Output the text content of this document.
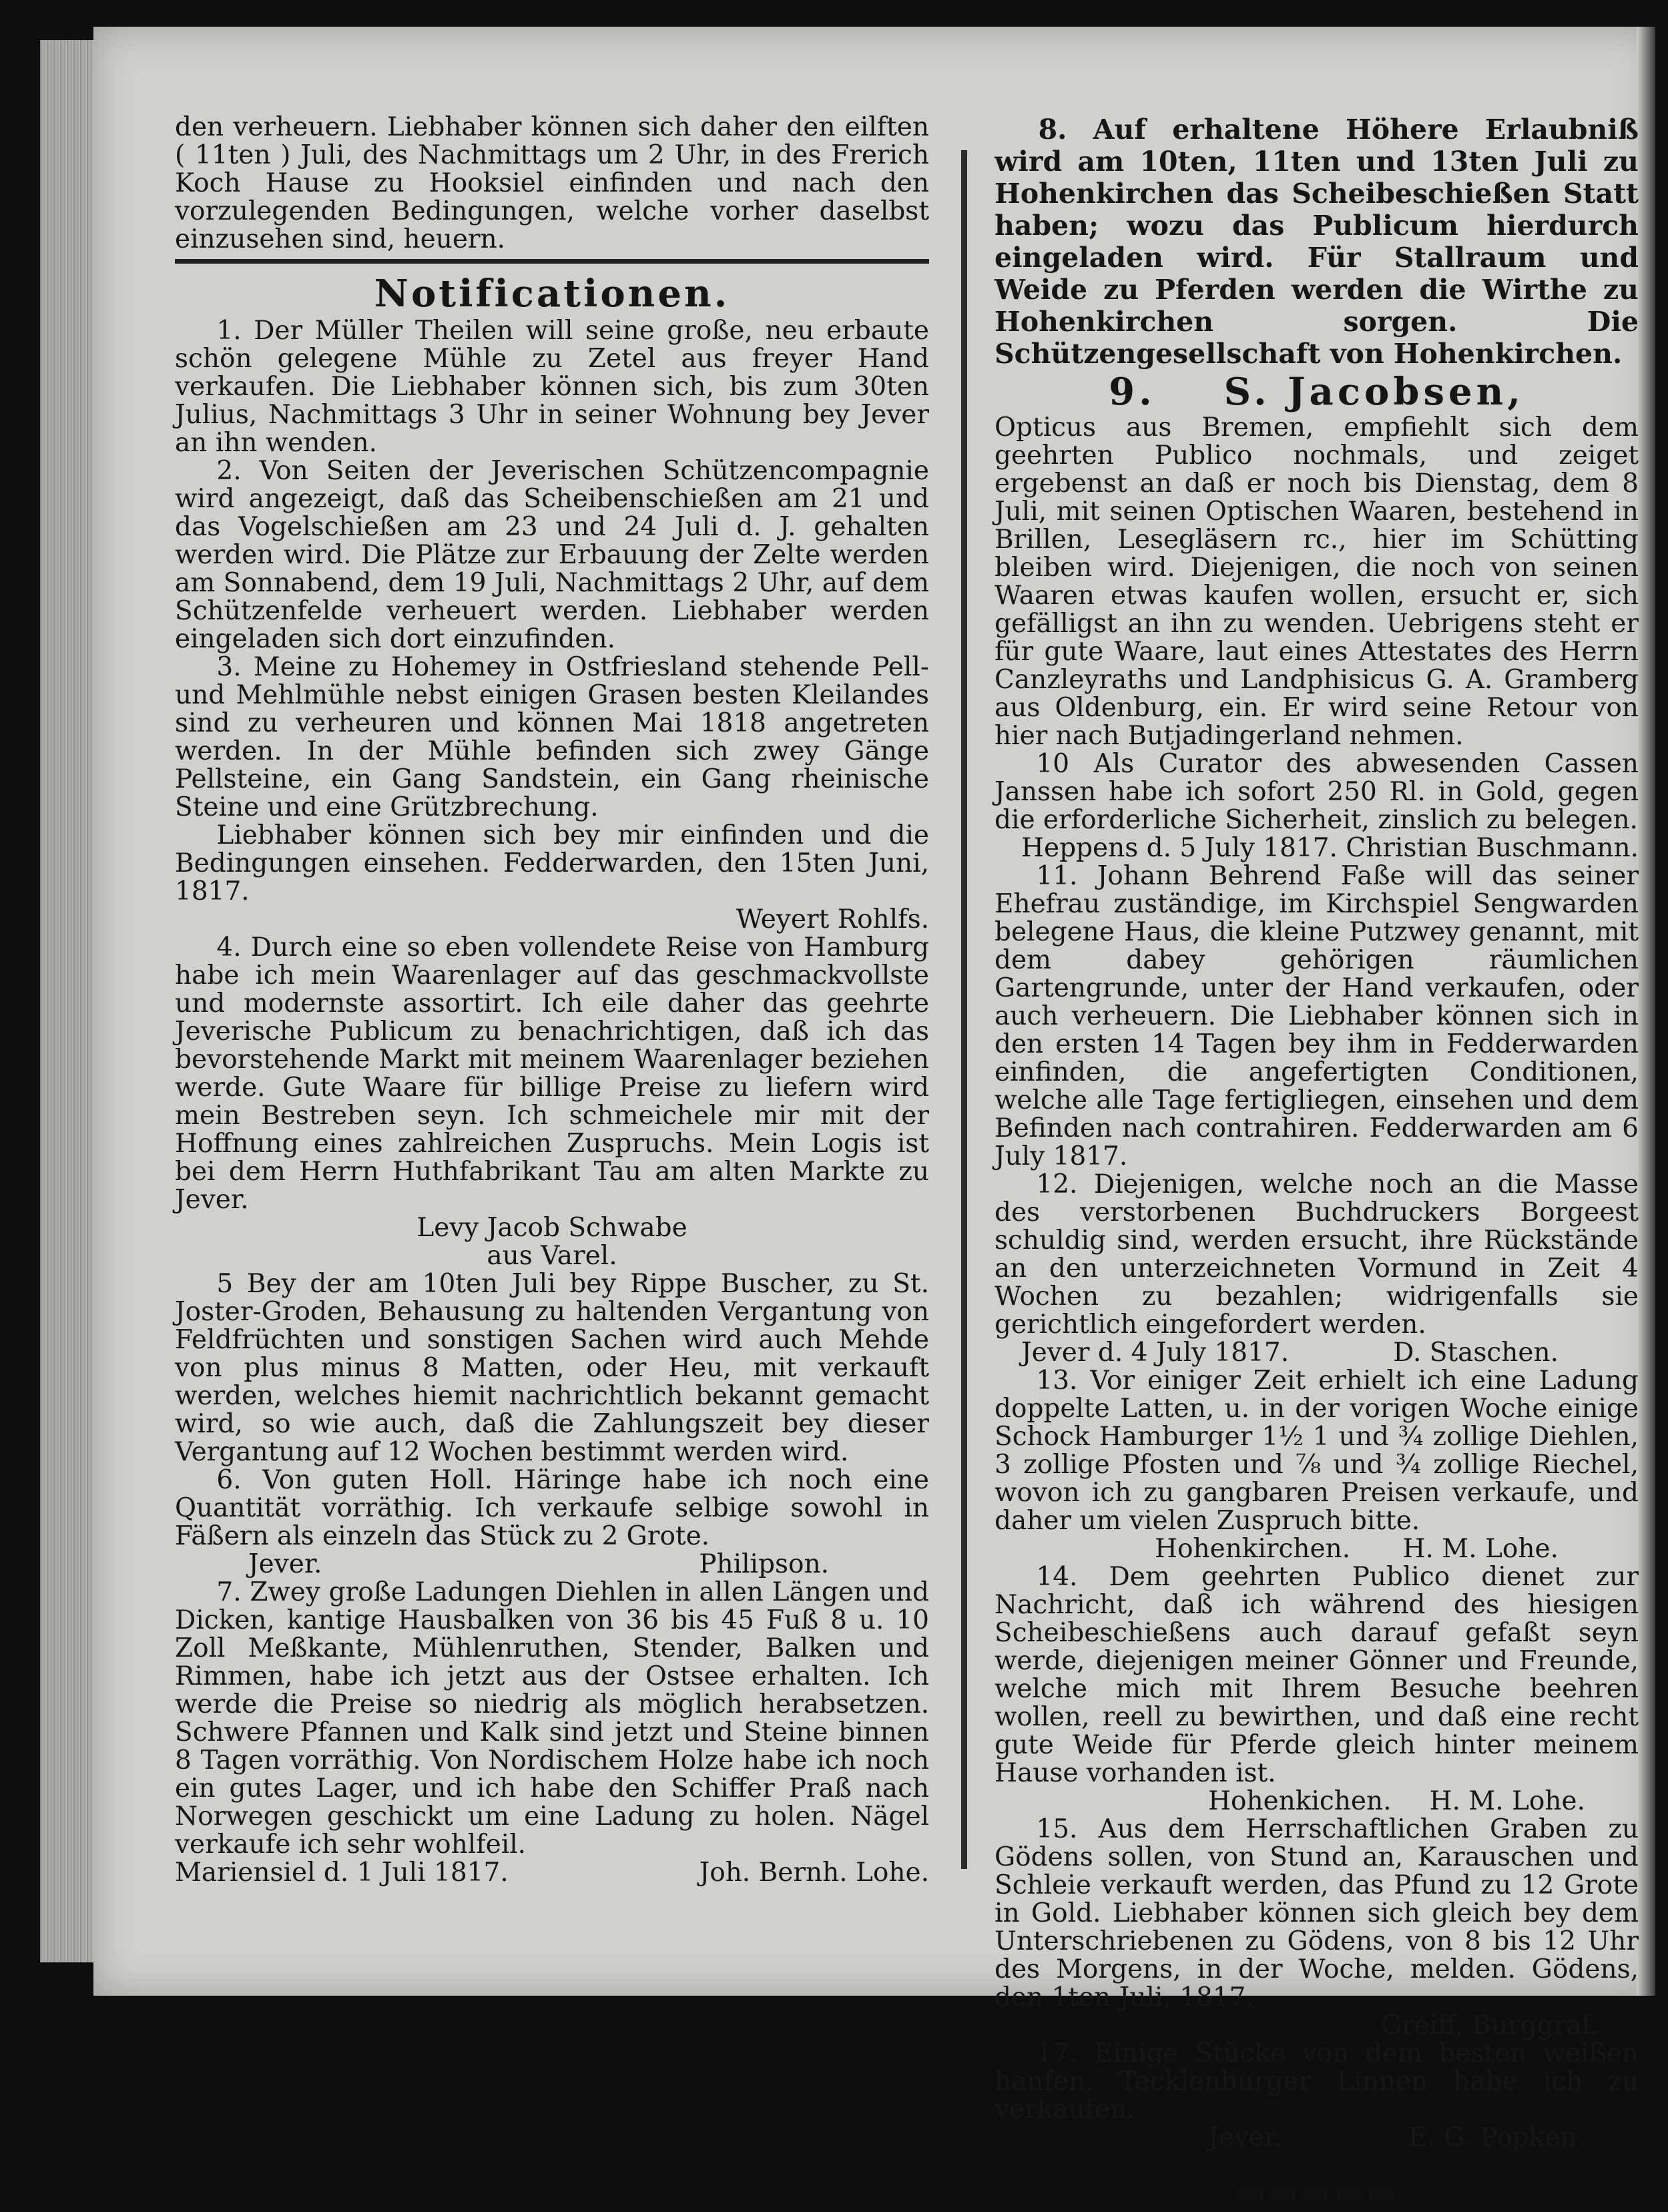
den verheuern. Liebhaber können sich daher den eilften ( 11ten ) Juli, des Nachmittags um 2 Uhr, in des Frerich Koch Hause zu Hooksiel einfinden und nach den vorzulegenden Bedingungen, welche vorher daselbst einzusehen sind, heuern.

Notificationen.

1. Der Müller Theilen will seine große, neu erbaute schön gelegene Mühle zu Zetel aus freyer Hand verkaufen. Die Liebhaber können sich, bis zum 30ten Julius, Nachmittags 3 Uhr in seiner Wohnung bey Jever an ihn wenden.

2. Von Seiten der Jeverischen Schützencompagnie wird angezeigt, daß das Scheibenschießen am 21 und das Vogelschießen am 23 und 24 Juli d. J. gehalten werden wird. Die Plätze zur Erbauung der Zelte werden am Sonnabend, dem 19 Juli, Nachmittags 2 Uhr, auf dem Schützenfelde verheuert werden. Liebhaber werden eingeladen sich dort einzufinden.

3. Meine zu Hohemey in Ostfriesland stehende Pell- und Mehlmühle nebst einigen Grasen besten Kleilandes sind zu verheuren und können Mai 1818 angetreten werden. In der Mühle befinden sich zwey Gänge Pellsteine, ein Gang Sandstein, ein Gang rheinische Steine und eine Grützbrechung.

Liebhaber können sich bey mir einfinden und die Bedingungen einsehen. Fedderwarden, den 15ten Juni, 1817.

Weyert Rohlfs.

4. Durch eine so eben vollendete Reise von Hamburg habe ich mein Waarenlager auf das geschmackvollste und modernste assortirt. Ich eile daher das geehrte Jeverische Publicum zu benachrichtigen, daß ich das bevorstehende Markt mit meinem Waarenlager beziehen werde. Gute Waare für billige Preise zu liefern wird mein Bestreben seyn. Ich schmeichele mir mit der Hoffnung eines zahlreichen Zuspruchs. Mein Logis ist bei dem Herrn Huthfabrikant Tau am alten Markte zu Jever.

Levy Jacob Schwabe

aus Varel.

5 Bey der am 10ten Juli bey Rippe Buscher, zu St. Joster-Groden, Behausung zu haltenden Vergantung von Feldfrüchten und sonstigen Sachen wird auch Mehde von plus minus 8 Matten, oder Heu, mit verkauft werden, welches hiemit nachrichtlich bekannt gemacht wird, so wie auch, daß die Zahlungszeit bey dieser Vergantung auf 12 Wochen bestimmt werden wird.

6. Von guten Holl. Häringe habe ich noch eine Quantität vorräthig. Ich verkaufe selbige sowohl in Fäßern als einzeln das Stück zu 2 Grote.

Jever.	Philipson.

7. Zwey große Ladungen Diehlen in allen Längen und Dicken, kantige Hausbalken von 36 bis 45 Fuß 8 u. 10 Zoll Meßkante, Mühlenruthen, Stender, Balken und Rimmen, habe ich jetzt aus der Ostsee erhalten. Ich werde die Preise so niedrig als möglich herabsetzen. Schwere Pfannen und Kalk sind jetzt und Steine binnen 8 Tagen vorräthig. Von Nordischem Holze habe ich noch ein gutes Lager, und ich habe den Schiffer Praß nach Norwegen geschickt um eine Ladung zu holen. Nägel verkaufe ich sehr wohlfeil.

Mariensiel d. 1 Juli 1817.	Joh. Bernh. Lohe.

8. Auf erhaltene Höhere Erlaubniß wird am 10ten, 11ten und 13ten Juli zu Hohenkirchen das Scheibeschießen Statt haben; wozu das Publicum hierdurch eingeladen wird. Für Stallraum und Weide zu Pferden werden die Wirthe zu Hohenkirchen sorgen. Die Schützengesellschaft von Hohenkirchen.

9. S. Jacobsen,

Opticus aus Bremen, empfiehlt sich dem geehrten Publico nochmals, und zeiget ergebenst an daß er noch bis Dienstag, dem 8 Juli, mit seinen Optischen Waaren, bestehend in Brillen, Lesegläsern rc., hier im Schütting bleiben wird. Diejenigen, die noch von seinen Waaren etwas kaufen wollen, ersucht er, sich gefälligst an ihn zu wenden. Uebrigens steht er für gute Waare, laut eines Attestates des Herrn Canzleyraths und Landphisicus G. A. Gramberg aus Oldenburg, ein. Er wird seine Retour von hier nach Butjadingerland nehmen.

10 Als Curator des abwesenden Cassen Janssen habe ich sofort 250 Rl. in Gold, gegen die erforderliche Sicherheit, zinslich zu belegen.

Heppens d. 5 July 1817. Christian Buschmann.

11. Johann Behrend Faße will das seiner Ehefrau zuständige, im Kirchspiel Sengwarden belegene Haus, die kleine Putzwey genannt, mit dem dabey gehörigen räumlichen Gartengrunde, unter der Hand verkaufen, oder auch verheuern. Die Liebhaber können sich in den ersten 14 Tagen bey ihm in Fedderwarden einfinden, die angefertigten Conditionen, welche alle Tage fertigliegen, einsehen und dem Befinden nach contrahiren. Fedderwarden am 6 July 1817.

12. Diejenigen, welche noch an die Masse des verstorbenen Buchdruckers Borgeest schuldig sind, werden ersucht, ihre Rückstände an den unterzeichneten Vormund in Zeit 4 Wochen zu bezahlen; widrigenfalls sie gerichtlich eingefordert werden.

Jever d. 4 July 1817.	D. Staschen.

13. Vor einiger Zeit erhielt ich eine Ladung doppelte Latten, u. in der vorigen Woche einige Schock Hamburger 1½ 1 und ¾ zollige Diehlen, 3 zollige Pfosten und ⅞ und ¾ zollige Riechel, wovon ich zu gangbaren Preisen verkaufe, und daher um vielen Zuspruch bitte.

Hohenkirchen. H. M. Lohe.

14. Dem geehrten Publico dienet zur Nachricht, daß ich während des hiesigen Scheibeschießens auch darauf gefaßt seyn werde, diejenigen meiner Gönner und Freunde, welche mich mit Ihrem Besuche beehren wollen, reell zu bewirthen, und daß eine recht gute Weide für Pferde gleich hinter meinem Hause vorhanden ist.

Hohenkichen. H. M. Lohe.

15. Aus dem Herrschaftlichen Graben zu Gödens sollen, von Stund an, Karauschen und Schleie verkauft werden, das Pfund zu 12 Grote in Gold. Liebhaber können sich gleich bey dem Unterschriebenen zu Gödens, von 8 bis 12 Uhr des Morgens, in der Woche, melden. Gödens, den 1ten Juli, 1817.

Greiff, Burggraf.

17. Einige Stücke von dem besten weißen hanfen, Tecklenburger Linnen habe ich zu verkaufen.

Jever.	E. G. Popken.
▬▬▬▬▬
